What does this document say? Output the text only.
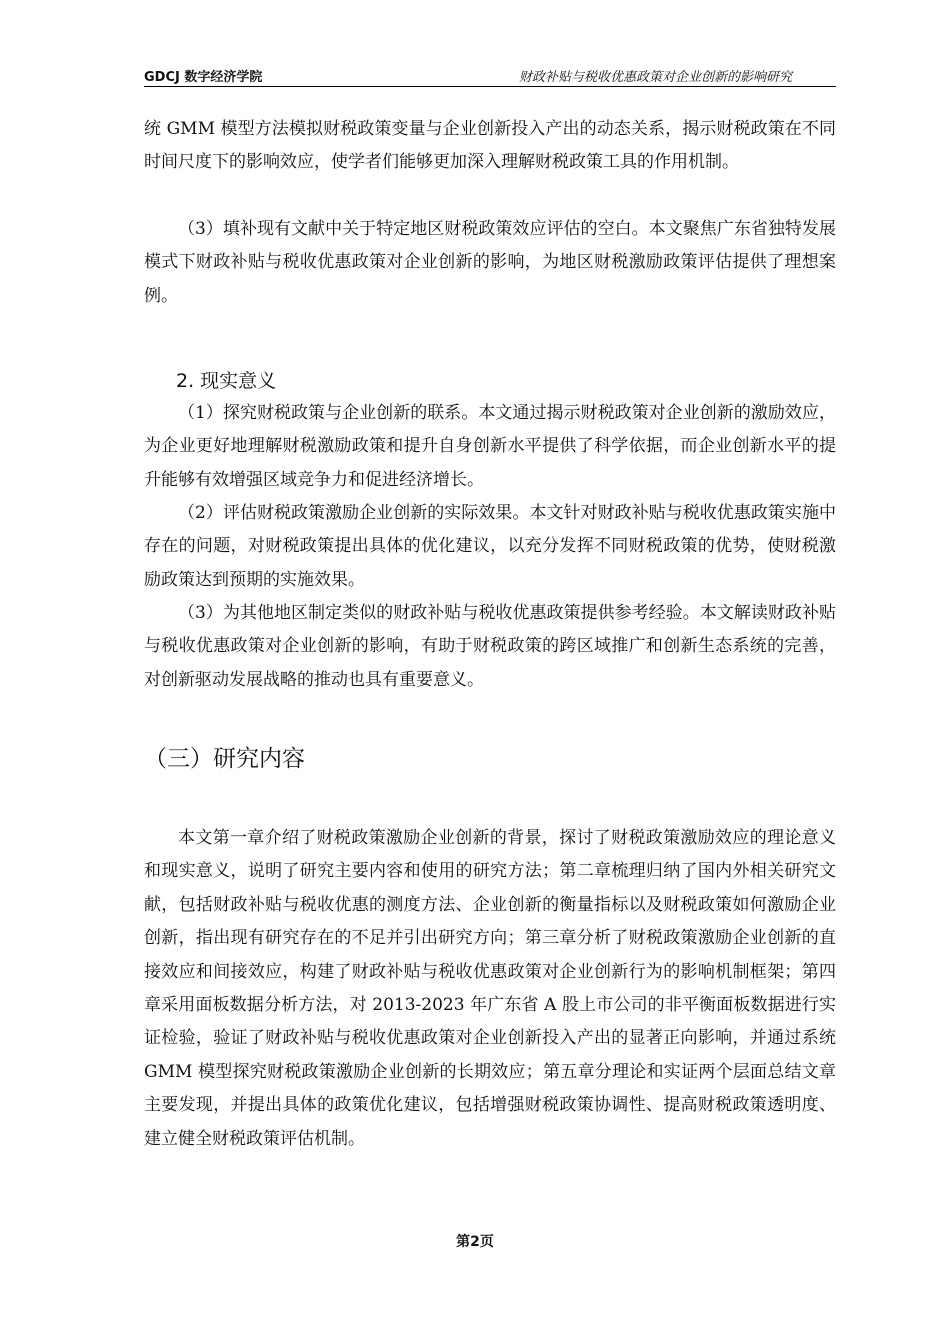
GDCJ 数字经济学院	财政补贴与税收优惠政策对企业创新的影响研究

统 GMM 模型方法模拟财税政策变量与企业创新投入产出的动态关系，揭示财税政策在不同时间尺度下的影响效应，使学者们能够更加深入理解财税政策工具的作用机制。

（3）填补现有文献中关于特定地区财税政策效应评估的空白。本文聚焦广东省独特发展模式下财政补贴与税收优惠政策对企业创新的影响，为地区财税激励政策评估提供了理想案例。

2. 现实意义

（1）探究财税政策与企业创新的联系。本文通过揭示财税政策对企业创新的激励效应，为企业更好地理解财税激励政策和提升自身创新水平提供了科学依据，而企业创新水平的提升能够有效增强区域竞争力和促进经济增长。

（2）评估财税政策激励企业创新的实际效果。本文针对财政补贴与税收优惠政策实施中存在的问题，对财税政策提出具体的优化建议，以充分发挥不同财税政策的优势，使财税激励政策达到预期的实施效果。

（3）为其他地区制定类似的财政补贴与税收优惠政策提供参考经验。本文解读财政补贴与税收优惠政策对企业创新的影响，有助于财税政策的跨区域推广和创新生态系统的完善，对创新驱动发展战略的推动也具有重要意义。

（三）研究内容

本文第一章介绍了财税政策激励企业创新的背景，探讨了财税政策激励效应的理论意义和现实意义，说明了研究主要内容和使用的研究方法；第二章梳理归纳了国内外相关研究文献，包括财政补贴与税收优惠的测度方法、企业创新的衡量指标以及财税政策如何激励企业创新，指出现有研究存在的不足并引出研究方向；第三章分析了财税政策激励企业创新的直接效应和间接效应，构建了财政补贴与税收优惠政策对企业创新行为的影响机制框架；第四章采用面板数据分析方法，对 2013-2023 年广东省 A 股上市公司的非平衡面板数据进行实证检验，验证了财政补贴与税收优惠政策对企业创新投入产出的显著正向影响，并通过系统 GMM 模型探究财税政策激励企业创新的长期效应；第五章分理论和实证两个层面总结文章主要发现，并提出具体的政策优化建议，包括增强财税政策协调性、提高财税政策透明度、建立健全财税政策评估机制。

第2页
